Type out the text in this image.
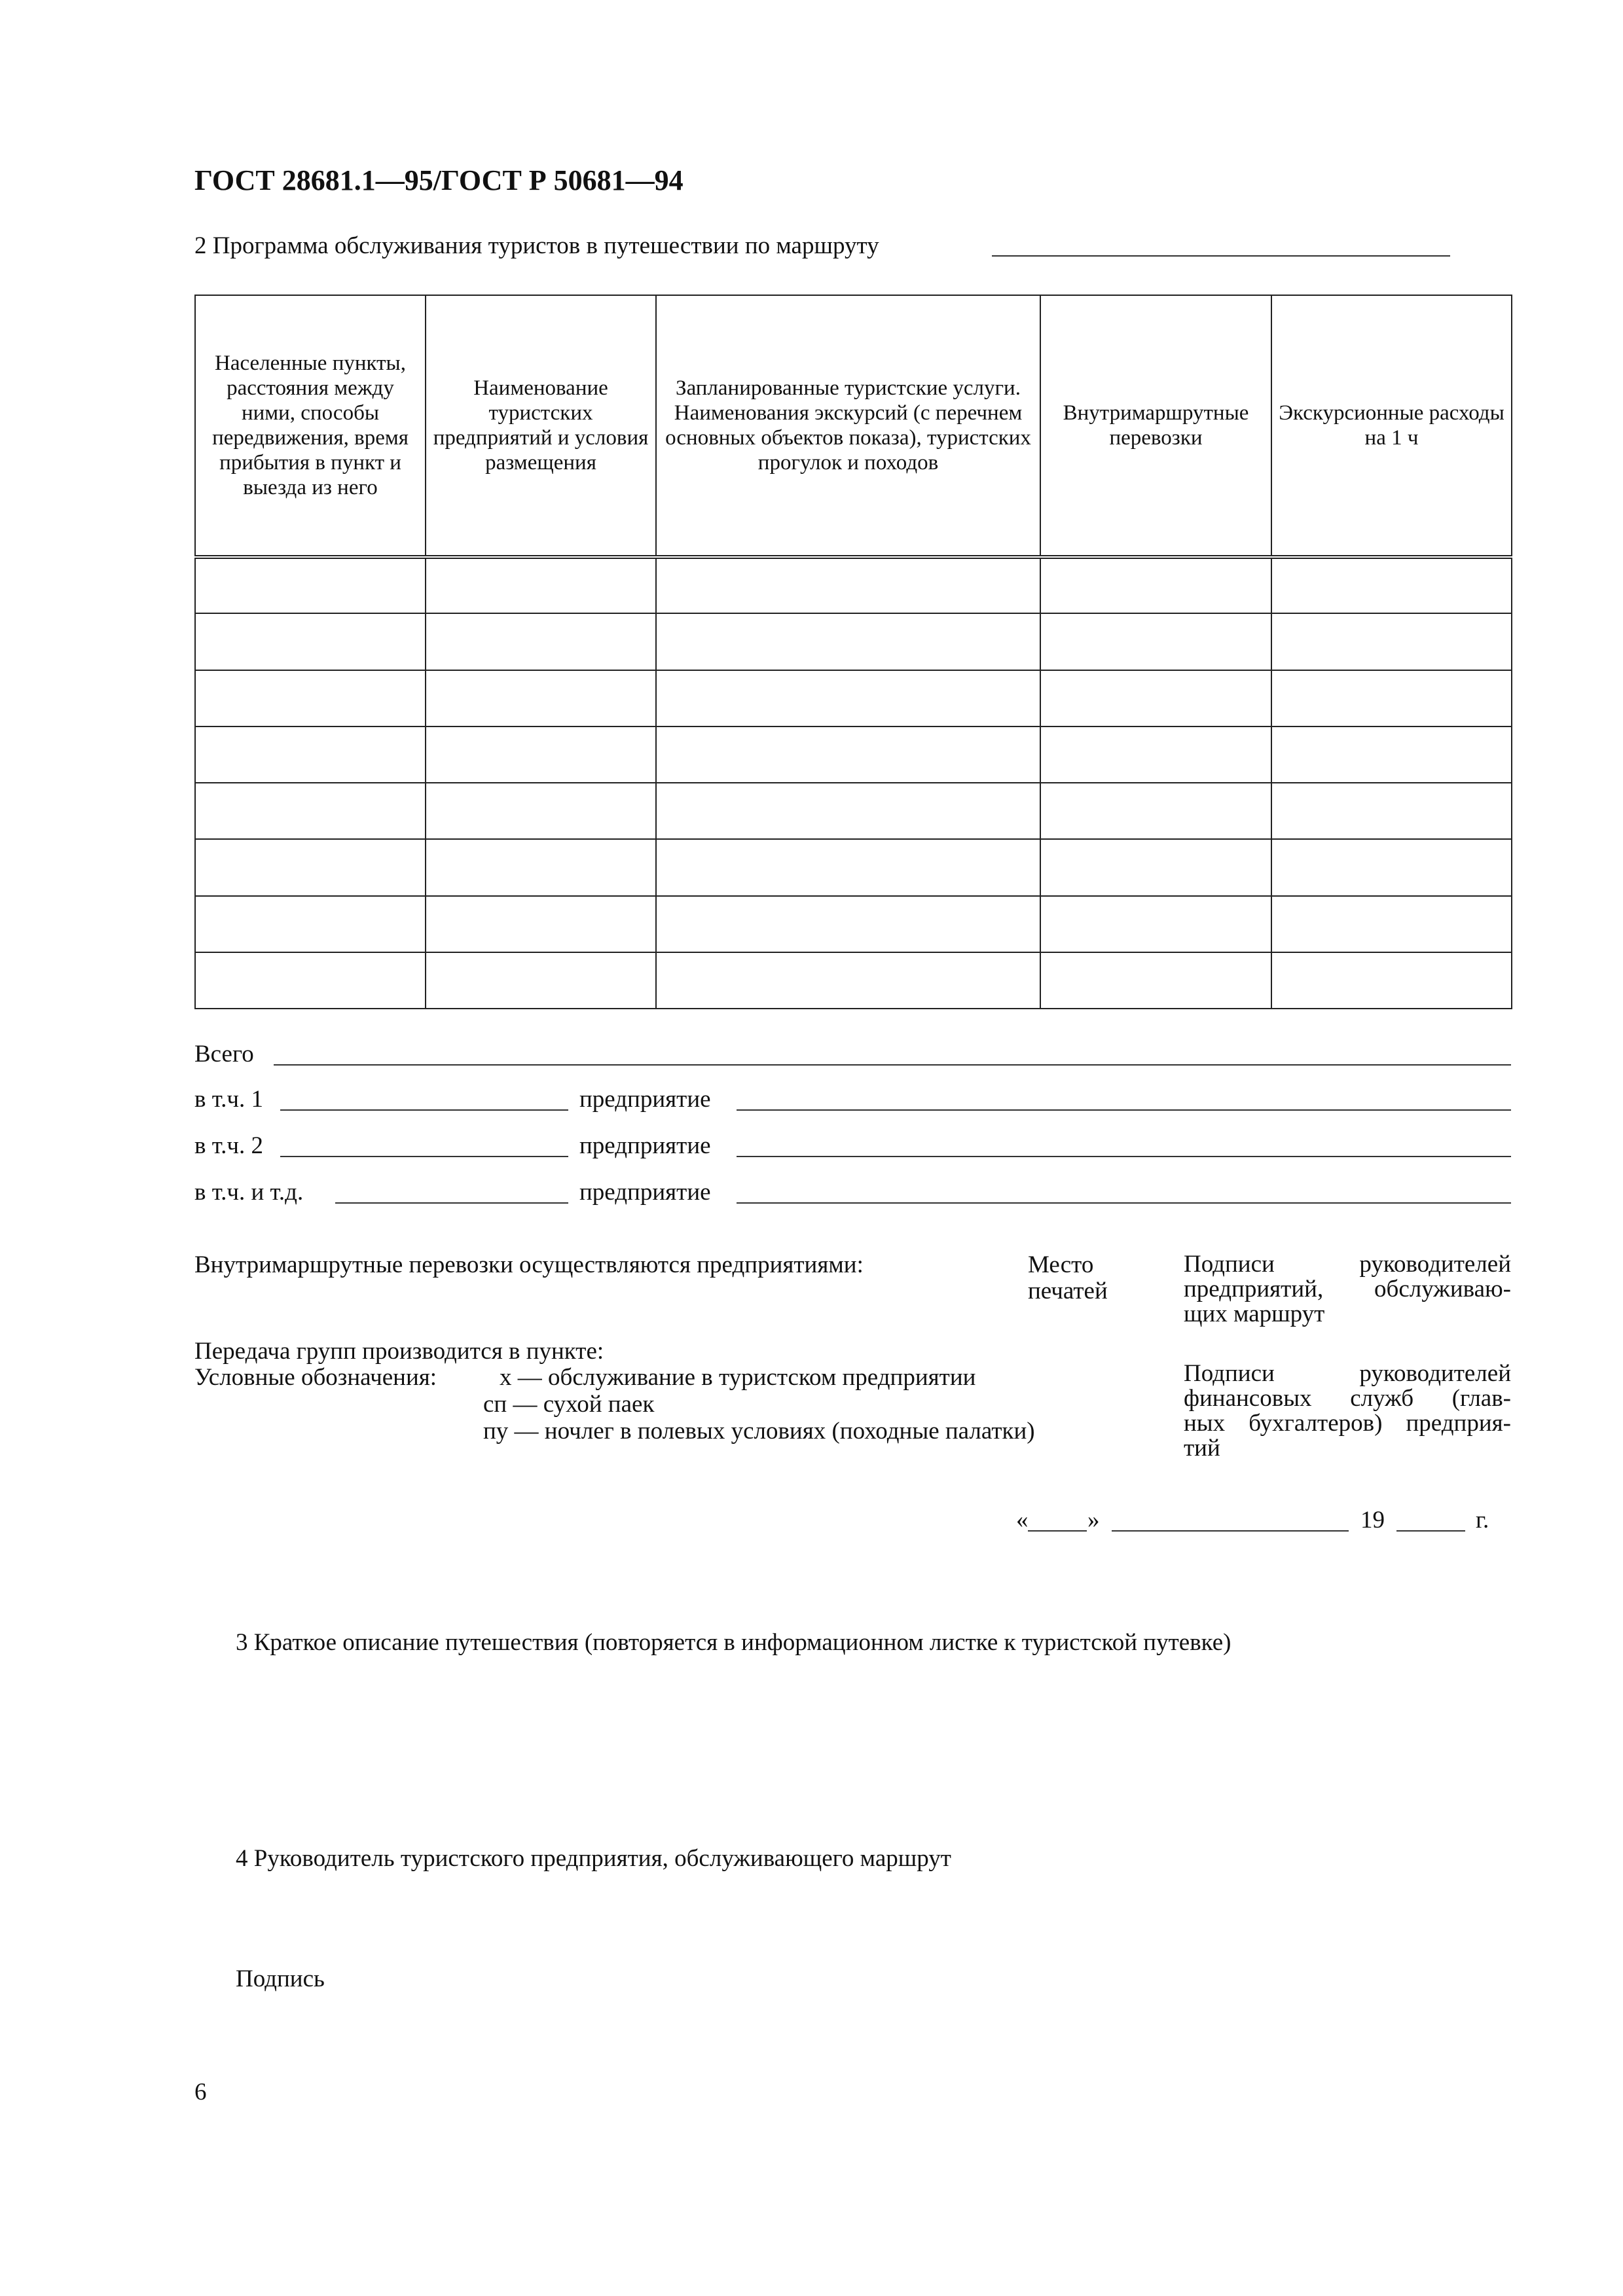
ГОСТ 28681.1—95/ГОСТ Р 50681—94
2 Программа обслуживания туристов в путешествии по маршруту
Населенные пункты, расстояния между ними, способы передвижения, время прибытия в пункт и выезда из него	Наименование туристских предприятий и условия размещения	Запланированные туристские услуги. Наименования экскурсий (с перечнем основных объектов показа), туристских прогулок и походов	Внутримаршрутные перевозки	Экскурсионные расходы на 1 ч

Всего
в т.ч. 1	предприятие
в т.ч. 2	предприятие
в т.ч. и т.д.	предприятие
Внутримаршрутные перевозки осуществляются предприятиями:	Место
печатей
Подписи	руководителей
предприятий, обслуживаю-
щих маршрут
Передача групп производится в пункте:
Условные обозначения:	х — обслуживание в туристском предприятии
сп — сухой паек
пу — ночлег в полевых условиях (походные палатки)
Подписи	руководителей
финансовых служб (глав-
ных бухгалтеров) предприя-
тий
« »	19	г.
3 Краткое описание путешествия (повторяется в информационном листке к туристской путевке)
4 Руководитель туристского предприятия, обслуживающего маршрут
Подпись
6
